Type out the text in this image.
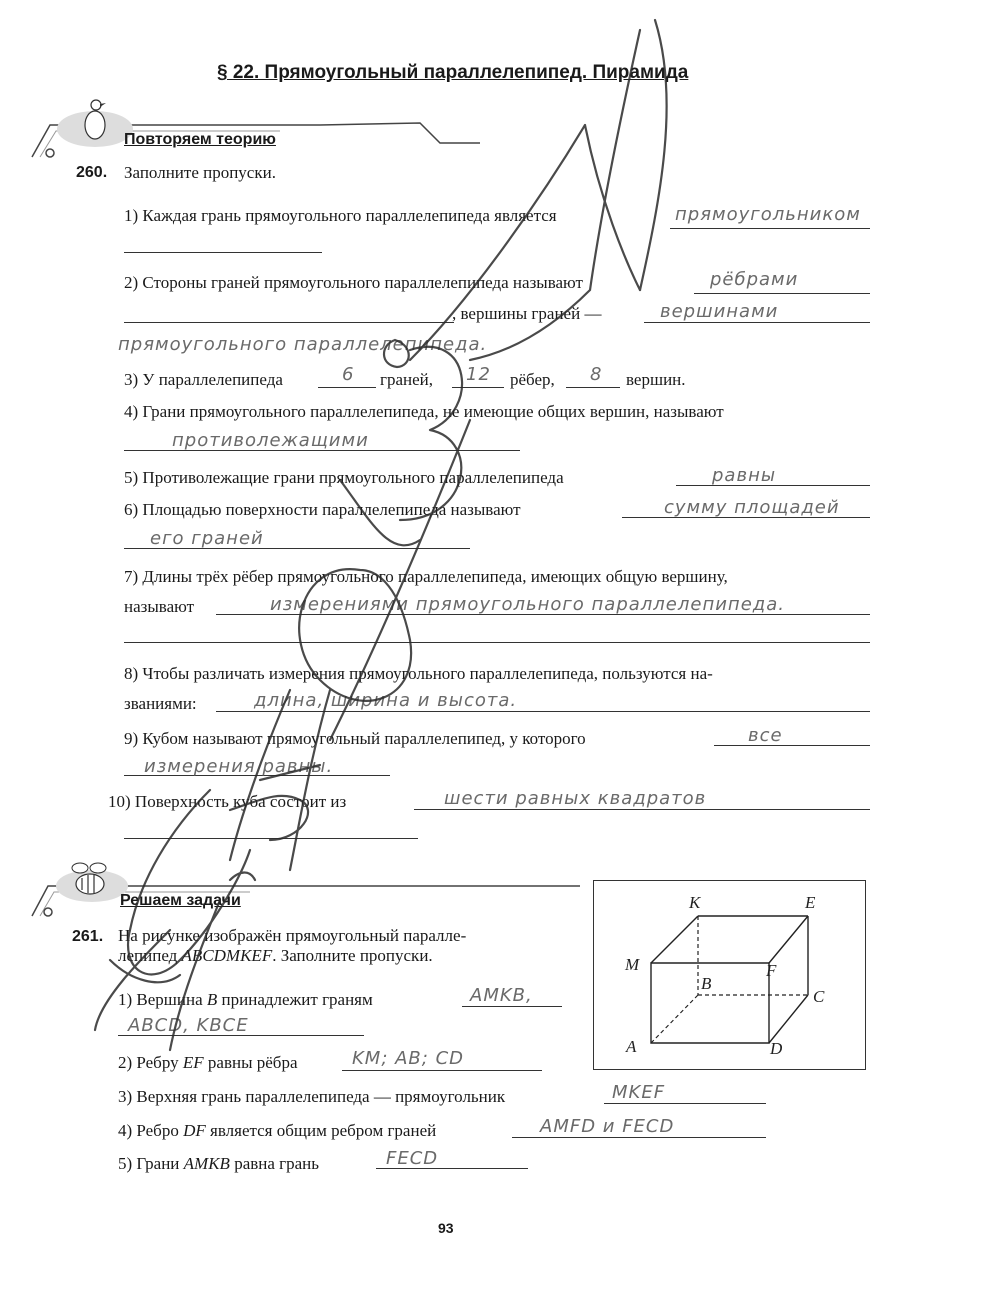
§ 22. Прямоугольный параллелепипед. Пирамида
Повторяем теорию
260. Заполните пропуски.
1) Каждая грань прямоугольного параллелепипеда является	прямоугольником
2) Стороны граней прямоугольного параллелепипеда называют	рёбрами
, вершины граней —	вершинами
прямоугольного параллелепипеда.
3) У параллелепипеда	6 граней, 12 рёбер, 8 вершин.
4) Грани прямоугольного параллелепипеда, не имеющие общих вершин, называют
противолежащими
5) Противолежащие грани прямоугольного параллелепипеда	равны
6) Площадью поверхности параллелепипеда называют	сумму площадей
его граней
7) Длины трёх рёбер прямоугольного параллелепипеда, имеющих общую вершину,
называют	измерениями прямоугольного параллелепипеда.
8) Чтобы различать измерения прямоугольного параллелепипеда, пользуются на-
званиями:	длина, ширина и высота.
9) Кубом называют прямоугольный параллелепипед, у которого	все
измерения равны.
10) Поверхность куба состоит из	шести равных квадратов
Решаем задачи
261. На рисунке изображён прямоугольный паралле-
лепипед ABCDMKEF. Заполните пропуски.
1) Вершина B принадлежит граням	AMKB,
ABCD, KBCE
2) Ребру EF равны рёбра	KM; AB; CD
3) Верхняя грань параллелепипеда — прямоугольник	MKEF
4) Ребро DF является общим ребром граней	AMFD и FECD
5) Грани AMKB равна грань	FECD
K	E
M	F
B
C
A	D
93
